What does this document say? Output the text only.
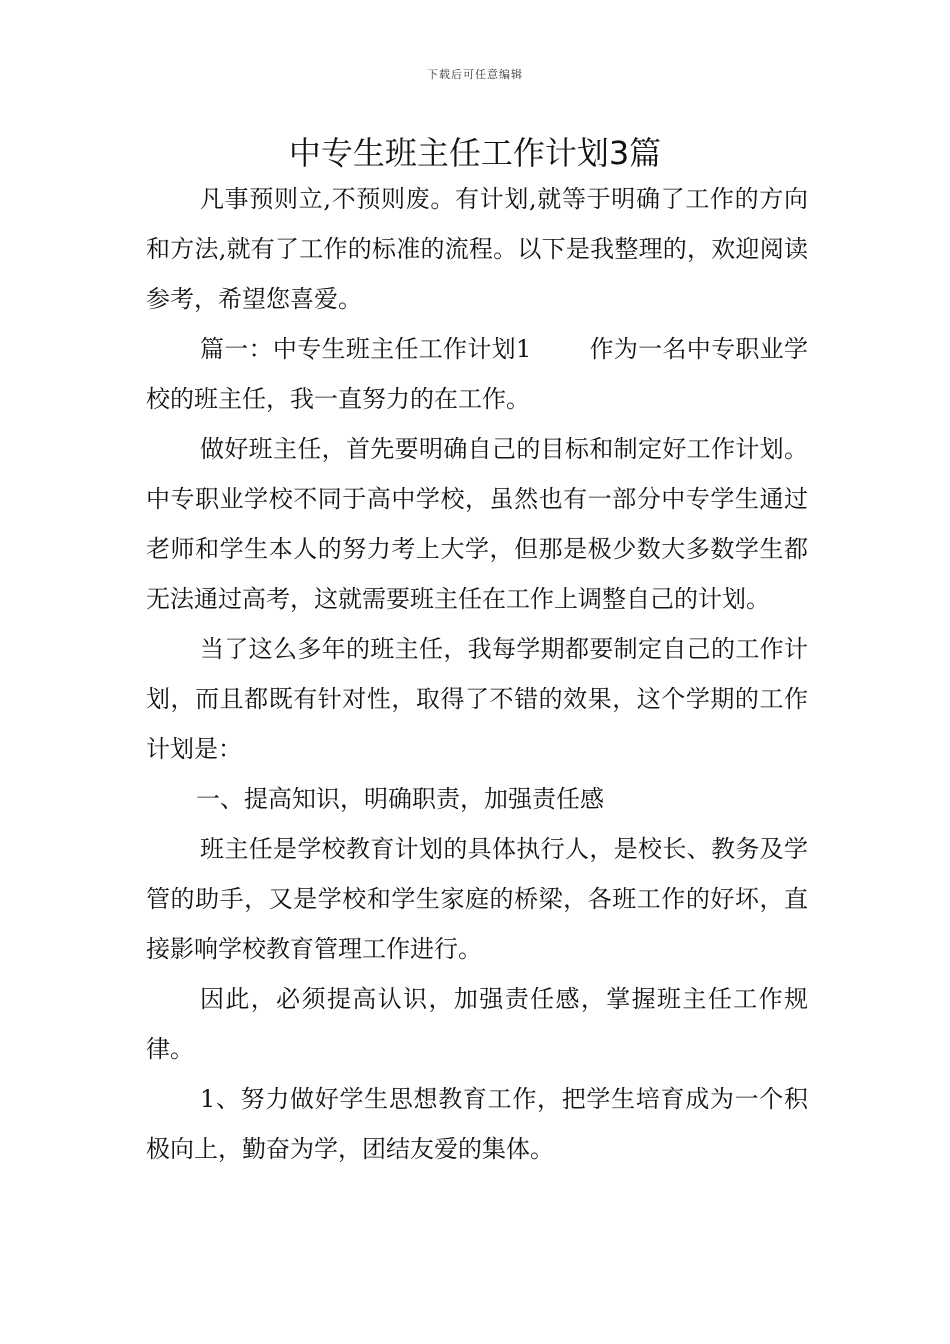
下载后可任意编辑
中专生班主任工作计划3篇

凡事预则立,不预则废。有计划,就等于明确了工作的方向和方法,就有了工作的标准的流程。以下是我整理的，欢迎阅读参考，希望您喜爱。

篇一：中专生班主任工作计划1 作为一名中专职业学校的班主任，我一直努力的在工作。

做好班主任，首先要明确自己的目标和制定好工作计划。中专职业学校不同于高中学校，虽然也有一部分中专学生通过老师和学生本人的努力考上大学，但那是极少数大多数学生都无法通过高考，这就需要班主任在工作上调整自己的计划。

当了这么多年的班主任，我每学期都要制定自己的工作计划，而且都既有针对性，取得了不错的效果，这个学期的工作计划是：

一、提高知识，明确职责，加强责任感

班主任是学校教育计划的具体执行人，是校长、教务及学管的助手，又是学校和学生家庭的桥梁，各班工作的好坏，直接影响学校教育管理工作进行。

因此，必须提高认识，加强责任感，掌握班主任工作规律。

1、努力做好学生思想教育工作，把学生培育成为一个积极向上，勤奋为学，团结友爱的集体。
